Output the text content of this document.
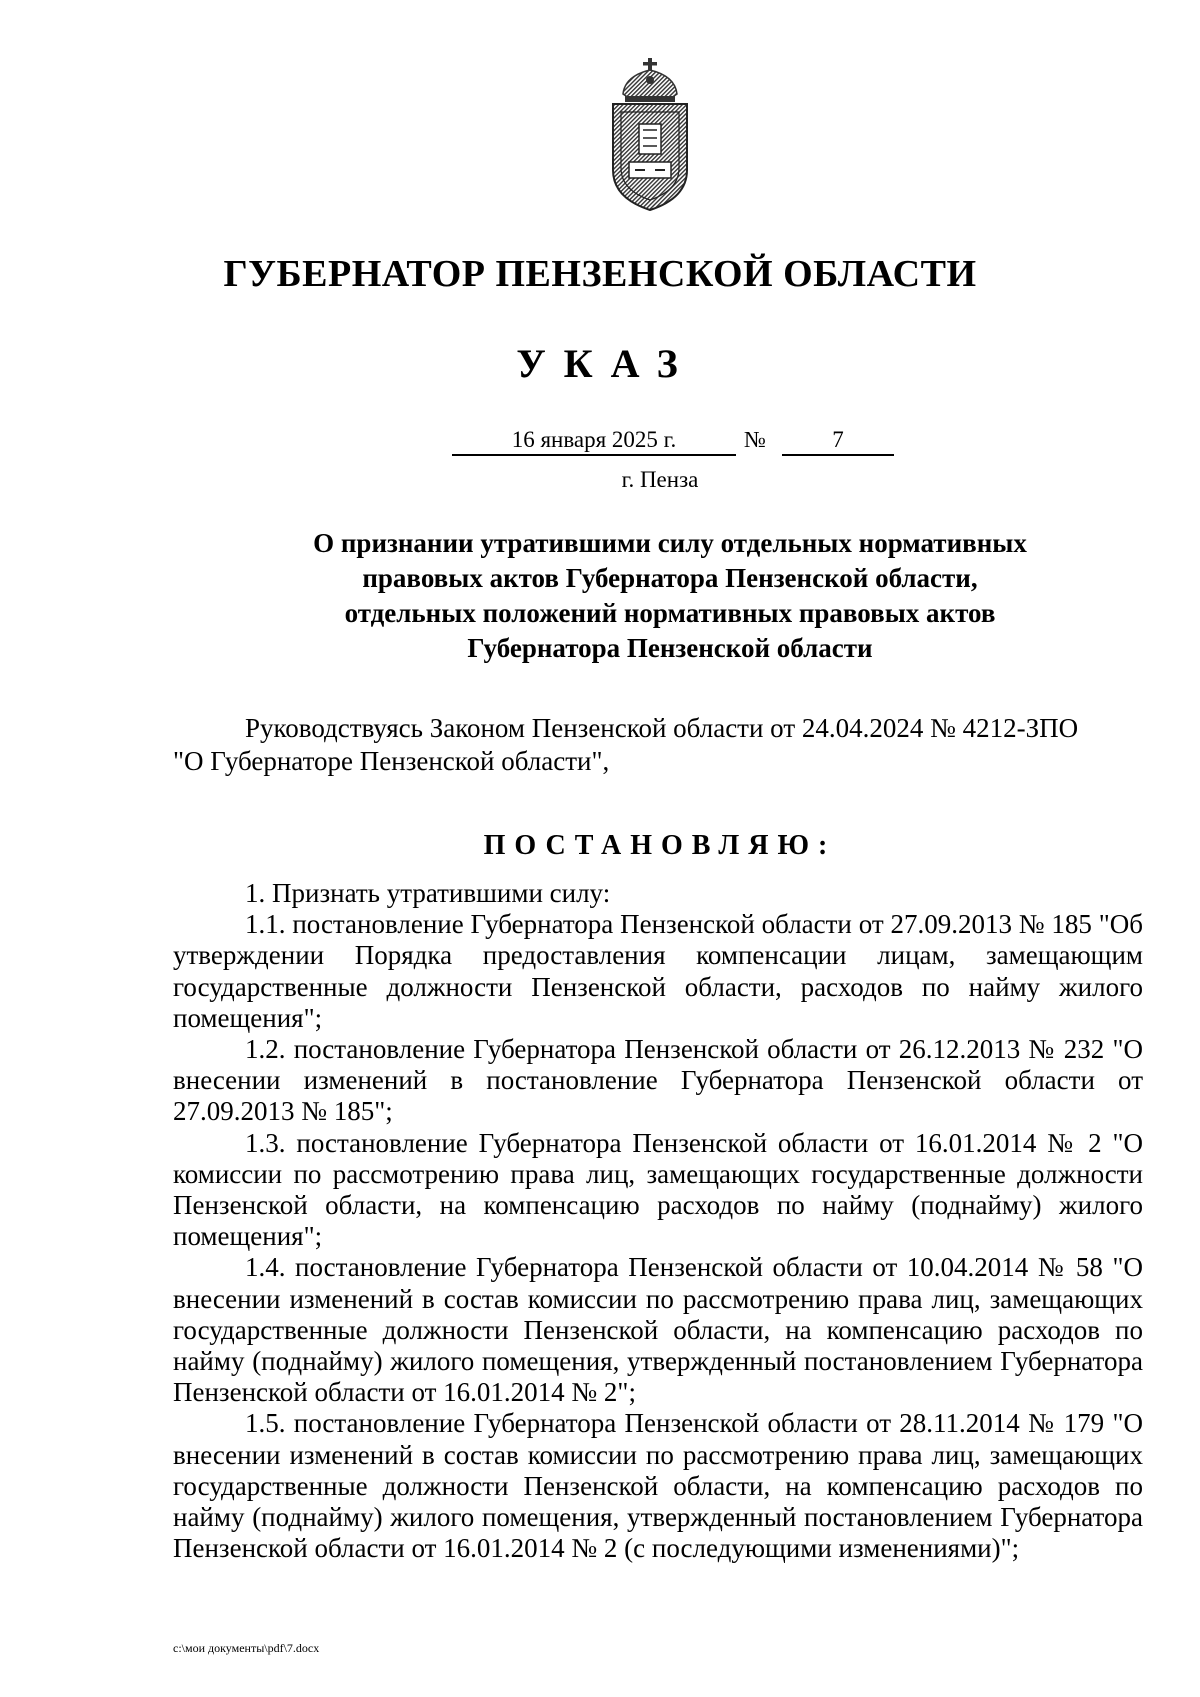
ГУБЕРНАТОР ПЕНЗЕНСКОЙ ОБЛАСТИ
УКАЗ
16 января 2025 г.	№	7
г. Пенза
О признании утратившими силу отдельных нормативных
правовых актов Губернатора Пензенской области,
отдельных положений нормативных правовых актов
Губернатора Пензенской области
Руководствуясь Законом Пензенской области от 24.04.2024 № 4212-ЗПО
"О Губернаторе Пензенской области",
ПОСТАНОВЛЯЮ:

1. Признать утратившими силу:

1.1. постановление Губернатора Пензенской области от 27.09.2013 № 185 "Об утверждении Порядка предоставления компенсации лицам, замещающим государственные должности Пензенской области, расходов по найму жилого помещения";

1.2. постановление Губернатора Пензенской области от 26.12.2013 № 232 "О внесении изменений в постановление Губернатора Пензенской области от 27.09.2013 № 185";

1.3. постановление Губернатора Пензенской области от 16.01.2014 № 2 "О комиссии по рассмотрению права лиц, замещающих государственные должности Пензенской области, на компенсацию расходов по найму (поднайму) жилого помещения";

1.4. постановление Губернатора Пензенской области от 10.04.2014 № 58 "О внесении изменений в состав комиссии по рассмотрению права лиц, замещающих государственные должности Пензенской области, на компенсацию расходов по найму (поднайму) жилого помещения, утвержденный постановлением Губернатора Пензенской области от 16.01.2014 № 2";

1.5. постановление Губернатора Пензенской области от 28.11.2014 № 179 "О внесении изменений в состав комиссии по рассмотрению права лиц, замещающих государственные должности Пензенской области, на компенсацию расходов по найму (поднайму) жилого помещения, утвержденный постановлением Губернатора Пензенской области от 16.01.2014 № 2 (с последующими изменениями)";

c:\мои документы\pdf\7.docx
